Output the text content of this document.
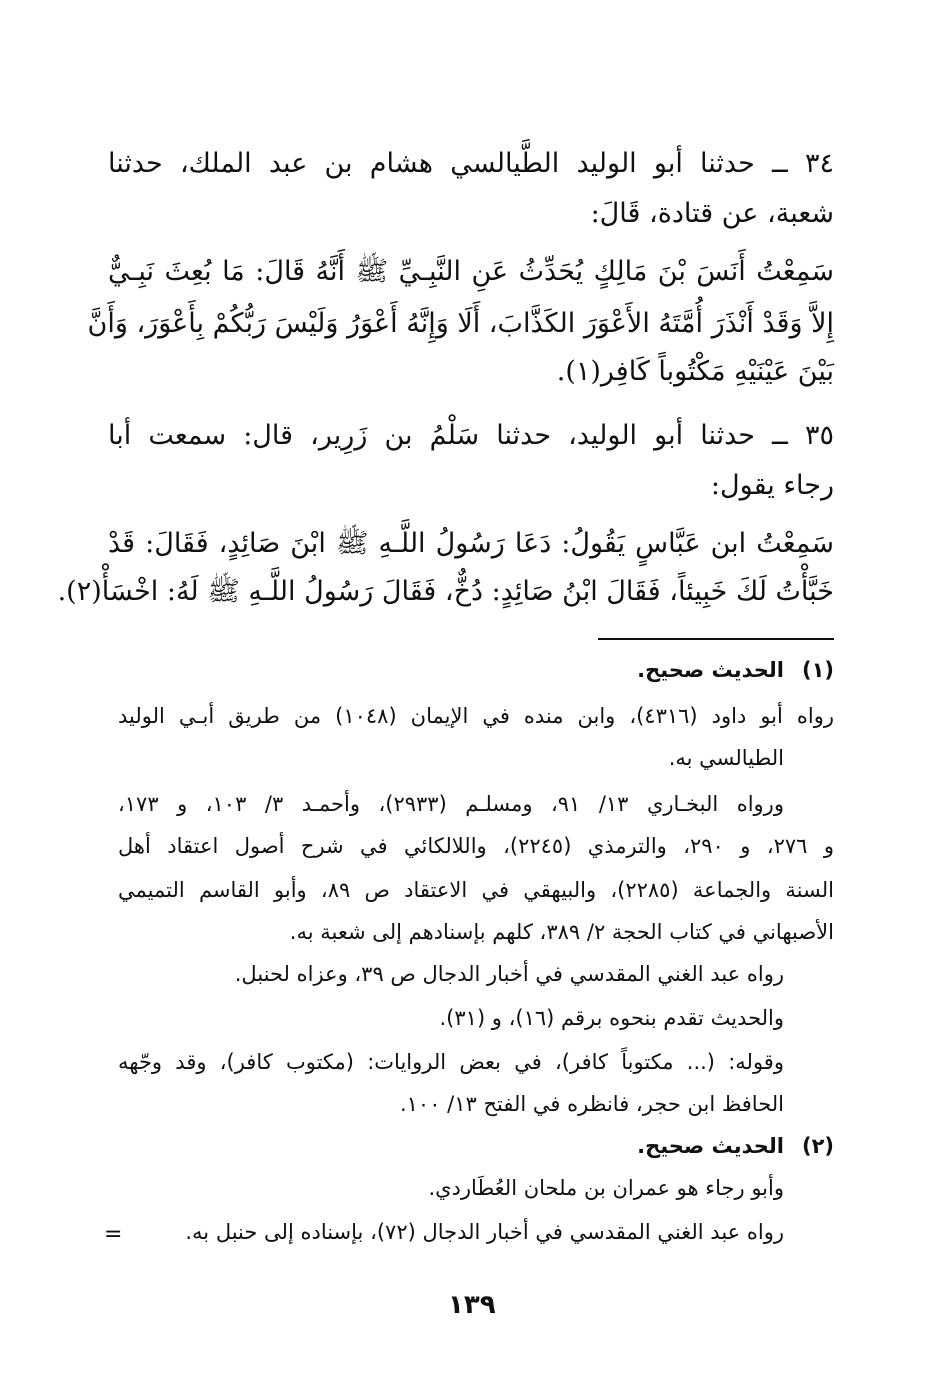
٣٤ ــ حدثنا أبو الوليد الطَّيالسي هشام بن عبد الملك، حدثنا

شعبة، عن قتادة، قَالَ:

سَمِعْتُ أَنَسَ بْنَ مَالِكٍ يُحَدِّثُ عَنِ النَّبِـيِّ ﷺ أَنَّهُ قَالَ: مَا بُعِثَ نَبِـيٌّ

إِلاَّ وَقَدْ أَنْذَرَ أُمَّتَهُ الأَعْوَرَ الكَذَّابَ، أَلَا وَإِنَّهُ أَعْوَرُ وَلَيْسَ رَبُّكُمْ بِأَعْوَرَ، وَأَنَّ

بَيْنَ عَيْنَيْهِ مَكْتُوباً كَافِر(١).

٣٥ ــ حدثنا أبو الوليد، حدثنا سَلْمُ بن زَرِير، قال: سمعت أبا

رجاء يقول:

سَمِعْتُ ابن عَبَّاسٍ يَقُولُ: دَعَا رَسُولُ اللَّـهِ ﷺ ابْنَ صَائِدٍ، فَقَالَ: قَدْ

خَبَّأْتُ لَكَ خَبِيئاً، فَقَالَ ابْنُ صَائِدٍ: دُخٌّ، فَقَالَ رَسُولُ اللَّـهِ ﷺ لَهُ: اخْسَأْ(٢).

(١)
الحديث صحيح.

رواه أبو داود (٤٣١٦)، وابن منده في الإيمان (١٠٤٨) من طريق أبـي الوليد

الطيالسي به.

ورواه البخـاري ١٣/ ٩١، ومسلـم (٢٩٣٣)، وأحمـد ٣/ ١٠٣، و ١٧٣،

و ٢٧٦، و ٢٩٠، والترمذي (٢٢٤٥)، واللالكائي في شرح أصول اعتقاد أهل

السنة والجماعة (٢٢٨٥)، والبيهقي في الاعتقاد ص ٨٩، وأبو القاسم التميمي

الأصبهاني في كتاب الحجة ٢/ ٣٨٩، كلهم بإسنادهم إلى شعبة به.

رواه عبد الغني المقدسي في أخبار الدجال ص ٣٩، وعزاه لحنبل.

والحديث تقدم بنحوه برقم (١٦)، و (٣١).

وقوله: (... مكتوباً كافر)، في بعض الروايات: (مكتوب كافر)، وقد وجّهه

الحافظ ابن حجر، فانظره في الفتح ١٣/ ١٠٠.

(٢)
الحديث صحيح.

وأبو رجاء هو عمران بن ملحان العُطَاردي.

رواه عبد الغني المقدسي في أخبار الدجال (٧٢)، بإسناده إلى حنبل به.

=
١٣٩
